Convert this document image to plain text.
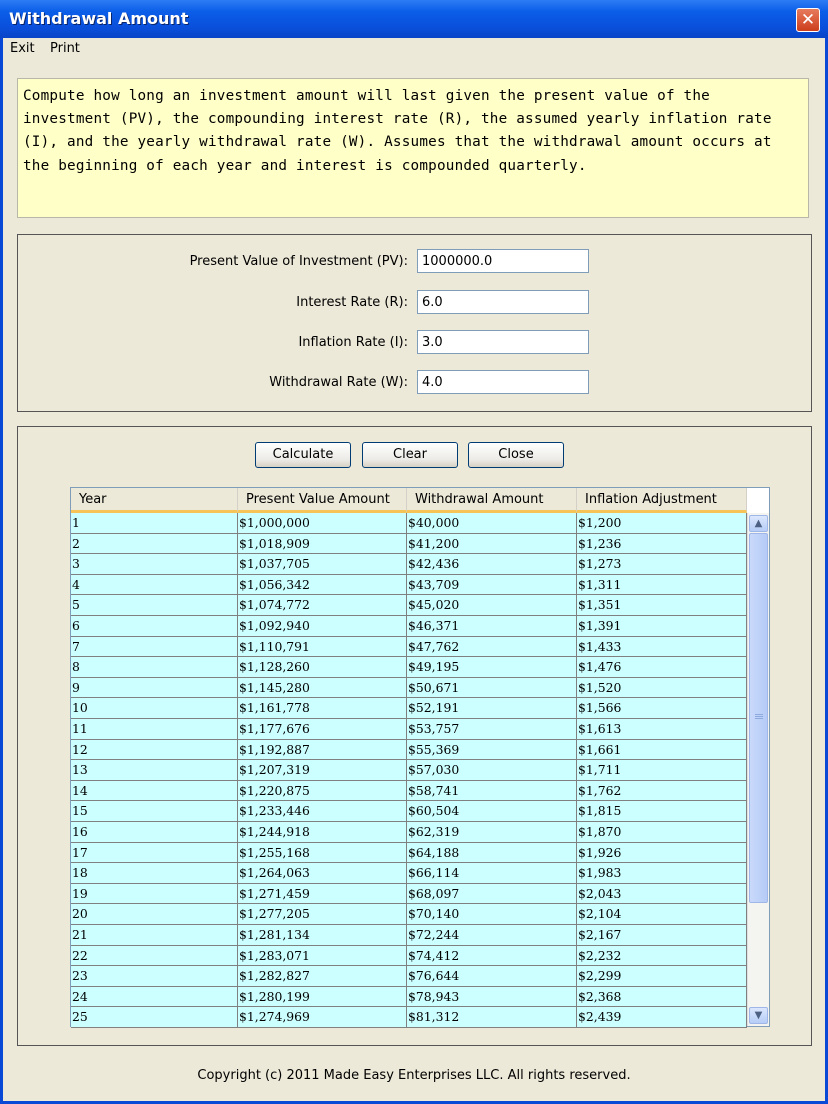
Withdrawal Amount	✕
Exit Print
Compute how long an investment amount will last given the present value of the investment (PV), the compounding interest rate (R), the assumed yearly inflation rate (I), and the yearly withdrawal rate (W). Assumes that the withdrawal amount occurs at the beginning of each year and interest is compounded quarterly.
Present Value of Investment (PV):
1000000.0
Interest Rate (R):
6.0
Inflation Rate (I):
3.0
Withdrawal Rate (W):
4.0
Calculate	Clear	Close
Year	Present Value Amount	Withdrawal Amount	Inflation Adjustment
1	$1,000,000	$40,000	$1,200
2	$1,018,909	$41,200	$1,236
3	$1,037,705	$42,436	$1,273
4	$1,056,342	$43,709	$1,311
5	$1,074,772	$45,020	$1,351
6	$1,092,940	$46,371	$1,391
7	$1,110,791	$47,762	$1,433
8	$1,128,260	$49,195	$1,476
9	$1,145,280	$50,671	$1,520
10	$1,161,778	$52,191	$1,566
11	$1,177,676	$53,757	$1,613
12	$1,192,887	$55,369	$1,661
13	$1,207,319	$57,030	$1,711
14	$1,220,875	$58,741	$1,762
15	$1,233,446	$60,504	$1,815
16	$1,244,918	$62,319	$1,870
17	$1,255,168	$64,188	$1,926
18	$1,264,063	$66,114	$1,983
19	$1,271,459	$68,097	$2,043
20	$1,277,205	$70,140	$2,104
21	$1,281,134	$72,244	$2,167
22	$1,283,071	$74,412	$2,232
23	$1,282,827	$76,644	$2,299
24	$1,280,199	$78,943	$2,368
25	$1,274,969	$81,312	$2,439
▲
▼
Copyright (c) 2011 Made Easy Enterprises LLC. All rights reserved.
